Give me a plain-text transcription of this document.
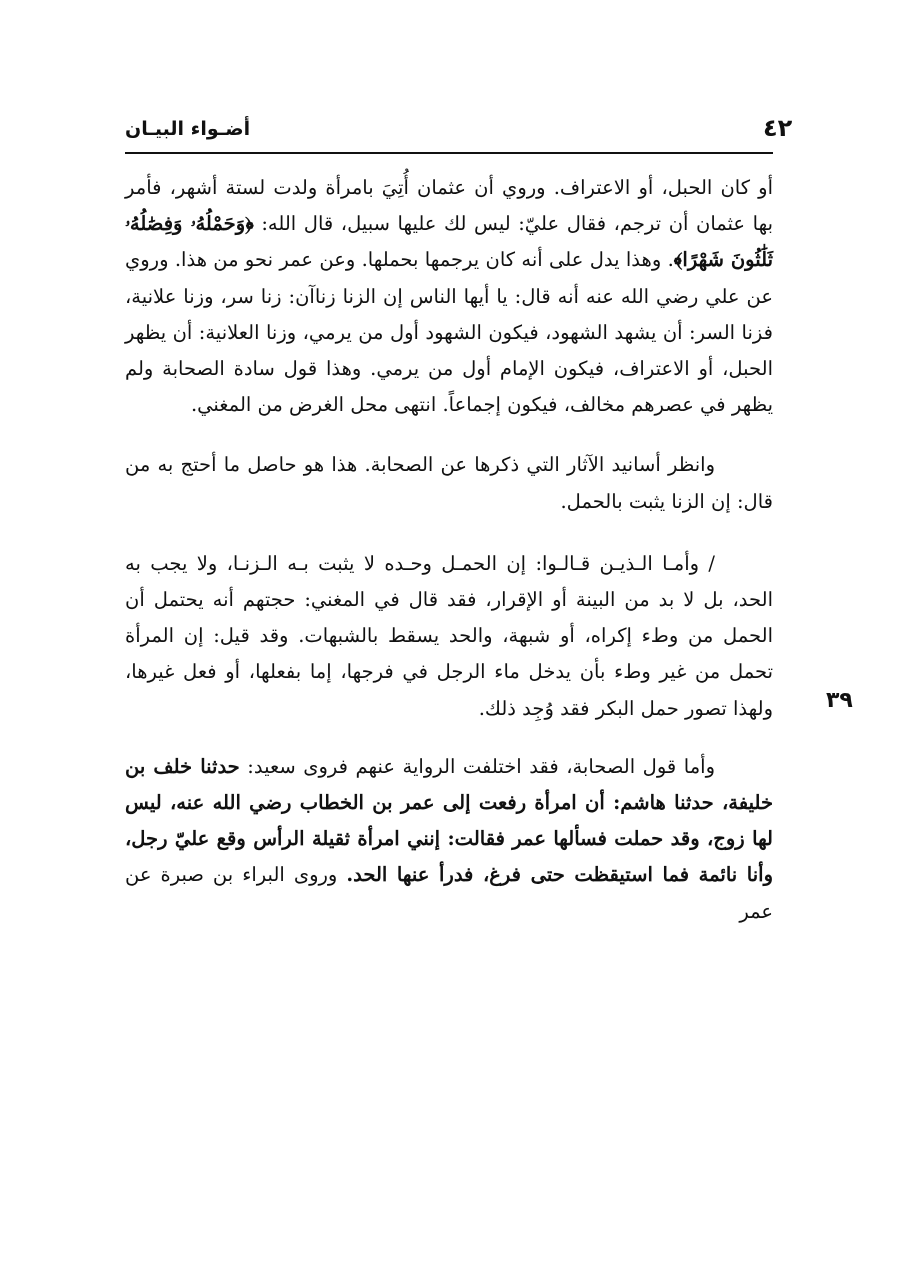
٤٢
أضـواء البيـان
٣٩

أو كان الحبل، أو الاعتراف. وروي أن عثمان أُتِيَ بامرأة ولدت لستة أشهر، فأمر بها عثمان أن ترجم، فقال عليّ: ليس لك عليها سبيل، قال الله: ﴿وَحَمْلُهُۥ وَفِصَٰلُهُۥ ثَلَٰثُونَ شَهْرًا﴾. وهذا يدل على أنه كان يرجمها بحملها. وعن عمر نحو من هذا. وروي عن علي رضي الله عنه أنه قال: يا أيها الناس إن الزنا زناآن: زنا سر، وزنا علانية، فزنا السر: أن يشهد الشهود، فيكون الشهود أول من يرمي، وزنا العلانية: أن يظهر الحبل، أو الاعتراف، فيكون الإمام أول من يرمي. وهذا قول سادة الصحابة ولم يظهر في عصرهم مخالف، فيكون إجماعاً. انتهى محل الغرض من المغني.

وانظر أسانيد الآثار التي ذكرها عن الصحابة. هذا هو حاصل ما أحتج به من قال: إن الزنا يثبت بالحمل.

/ وأمـا الـذيـن قـالـوا: إن الحمـل وحـده لا يثبت بـه الـزنـا، ولا يجب به الحد، بل لا بد من البينة أو الإقرار، فقد قال في المغني: حجتهم أنه يحتمل أن الحمل من وطء إكراه، أو شبهة، والحد يسقط بالشبهات. وقد قيل: إن المرأة تحمل من غير وطء بأن يدخل ماء الرجل في فرجها، إما بفعلها، أو فعل غيرها، ولهذا تصور حمل البكر فقد وُجِد ذلك.

وأما قول الصحابة، فقد اختلفت الرواية عنهم فروى سعيد: حدثنا خلف بن خليفة، حدثنا هاشم: أن امرأة رفعت إلى عمر بن الخطاب رضي الله عنه، ليس لها زوج، وقد حملت فسألها عمر فقالت: إنني امرأة ثقيلة الرأس وقع عليّ رجل، وأنا نائمة فما استيقظت حتى فرغ، فدرأ عنها الحد. وروى البراء بن صبرة عن عمر
